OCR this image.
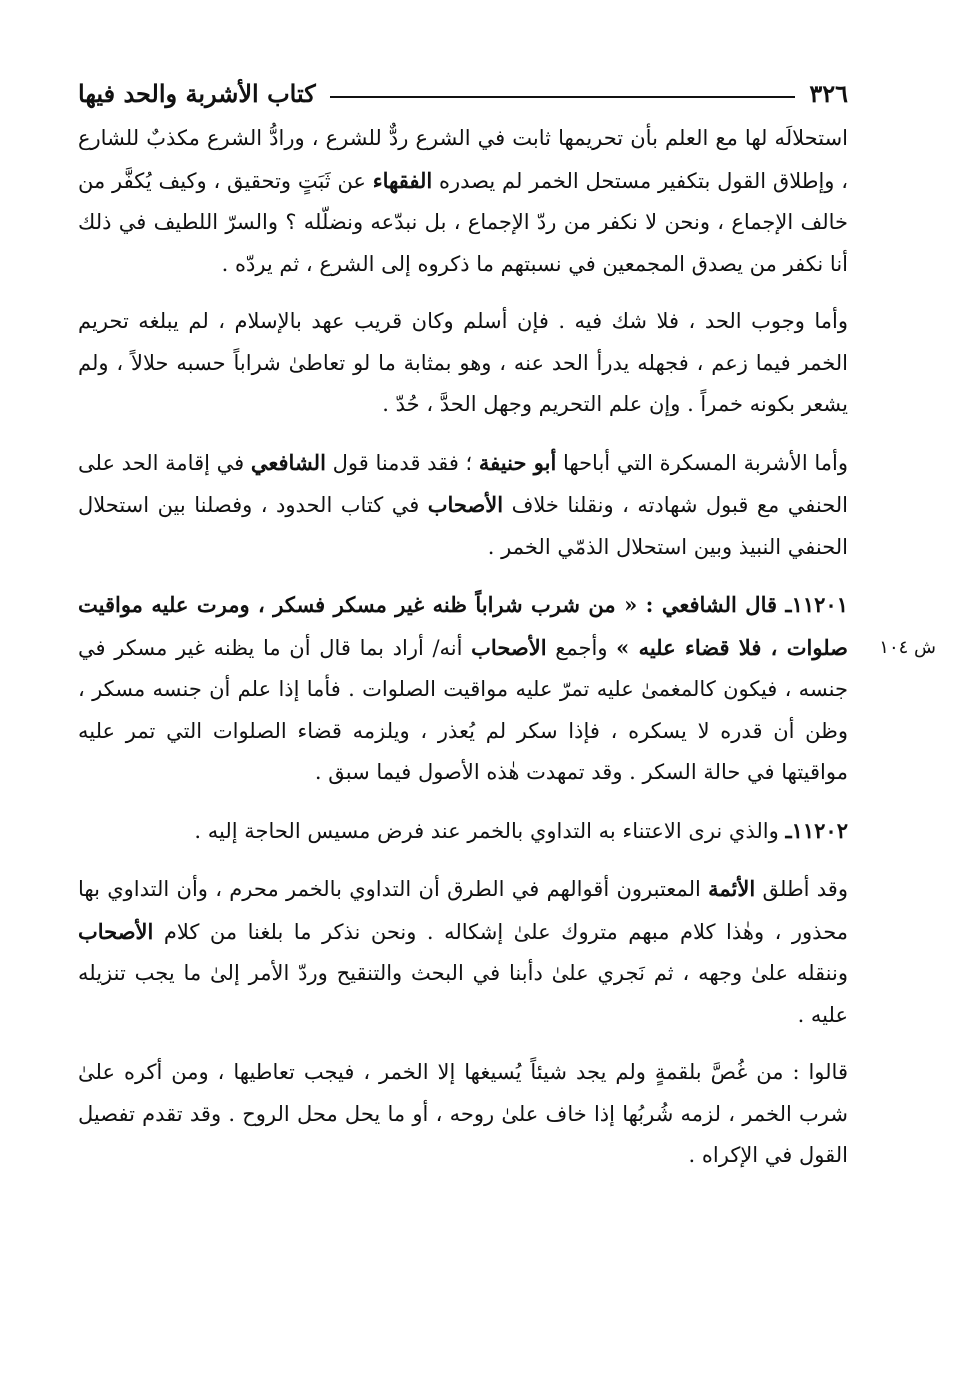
٣٢٦
كتاب الأشربة والحد فيها

استحلالَه لها مع العلم بأن تحريمها ثابت في الشرع ردٌّ للشرع ، ورادُّ الشرع مكذبٌ للشارع ، وإطلاق القول بتكفير مستحل الخمر لم يصدره الفقهاء عن ثَبَتٍ وتحقيق ، وكيف يُكفَّر من خالف الإجماع ، ونحن لا نكفر من ردّ الإجماع ، بل نبدّعه ونضلّله ؟ والسرّ اللطيف في ذلك أنا نكفر من يصدق المجمعين في نسبتهم ما ذكروه إلى الشرع ، ثم يردّه .

وأما وجوب الحد ، فلا شك فيه . فإن أسلم وكان قريب عهد بالإسلام ، لم يبلغه تحريم الخمر فيما زعم ، فجهله يدرأ الحد عنه ، وهو بمثابة ما لو تعاطىٰ شراباً حسبه حلالاً ، ولم يشعر بكونه خمراً . وإن علم التحريم وجهل الحدَّ ، حُدّ .

وأما الأشربة المسكرة التي أباحها أبو حنيفة ؛ فقد قدمنا قول الشافعي في إقامة الحد على الحنفي مع قبول شهادته ، ونقلنا خلاف الأصحاب في كتاب الحدود ، وفصلنا بين استحلال الحنفي النبيذ وبين استحلال الذمّي الخمر .

١١٢٠١ـ قال الشافعي : « من شرب شراباً ظنه غير مسكر فسكر ، ومرت عليه مواقيت صلوات ، فلا قضاء عليه » وأجمع الأصحاب أنه/ أراد بما قال أن ما يظنه غير مسكر في جنسه ، فيكون كالمغمىٰ عليه تمرّ عليه مواقيت الصلوات . فأما إذا علم أن جنسه مسكر ، وظن أن قدره لا يسكره ، فإذا سكر لم يُعذر ، ويلزمه قضاء الصلوات التي تمر عليه مواقيتها في حالة السكر . وقد تمهدت هٰذه الأصول فيما سبق .
ش ١٠٤

١١٢٠٢ـ والذي نرى الاعتناء به التداوي بالخمر عند فرض مسيس الحاجة إليه .

وقد أطلق الأئمة المعتبرون أقوالهم في الطرق أن التداوي بالخمر محرم ، وأن التداوي بها محذور ، وهٰذا كلام مبهم متروك علىٰ إشكاله . ونحن نذكر ما بلغنا من كلام الأصحاب وننقله علىٰ وجهه ، ثم نَجري علىٰ دأبنا في البحث والتنقيح وردّ الأمر إلىٰ ما يجب تنزيله عليه .

قالوا : من غُصَّ بلقمةٍ ولم يجد شيئاً يُسيغها إلا الخمر ، فيجب تعاطيها ، ومن أكره علىٰ شرب الخمر ، لزمه شُربُها إذا خاف علىٰ روحه ، أو ما يحل محل الروح . وقد تقدم تفصيل القول في الإكراه .
